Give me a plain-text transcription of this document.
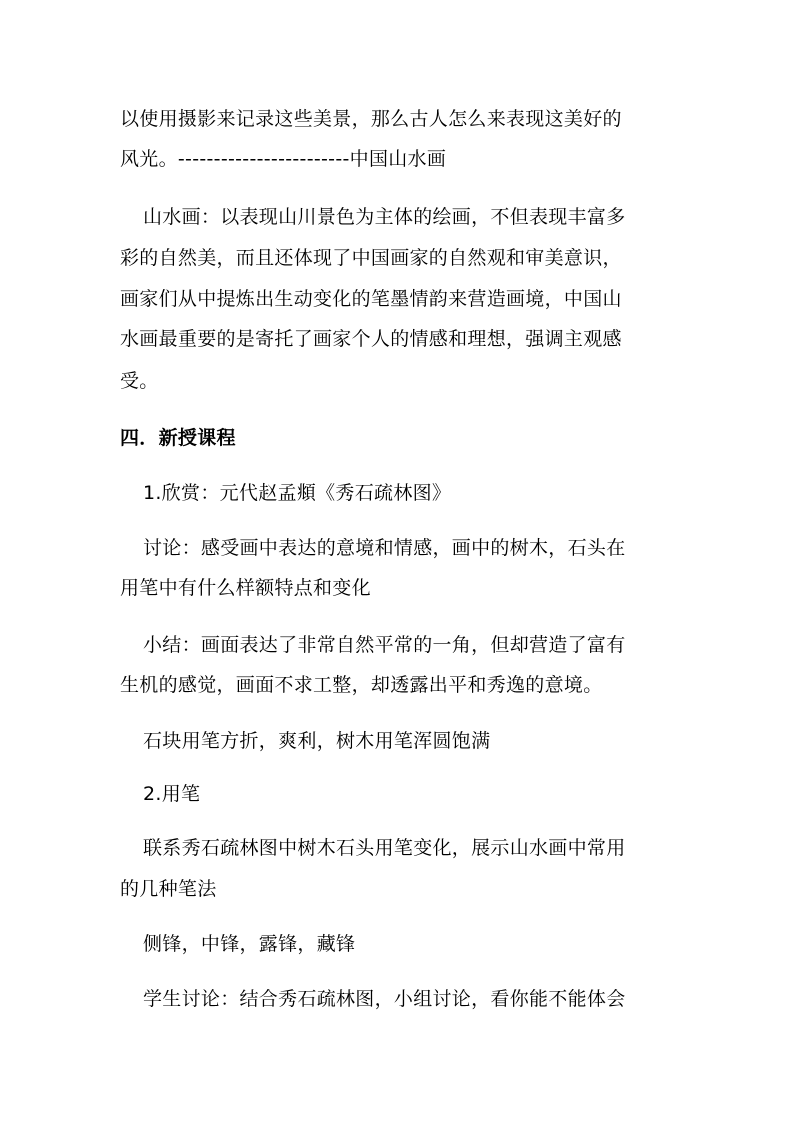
以使用摄影来记录这些美景，那么古人怎么来表现这美好的
风光。------------------------中国山水画
山水画：以表现山川景色为主体的绘画，不但表现丰富多
彩的自然美，而且还体现了中国画家的自然观和审美意识，
画家们从中提炼出生动变化的笔墨情韵来营造画境，中国山
水画最重要的是寄托了画家个人的情感和理想，强调主观感
受。
四．新授课程
1.欣赏：元代赵孟頫《秀石疏林图》
讨论：感受画中表达的意境和情感，画中的树木，石头在
用笔中有什么样额特点和变化
小结：画面表达了非常自然平常的一角，但却营造了富有
生机的感觉，画面不求工整，却透露出平和秀逸的意境。
石块用笔方折，爽利，树木用笔浑圆饱满
2.用笔
联系秀石疏林图中树木石头用笔变化，展示山水画中常用
的几种笔法
侧锋，中锋，露锋，藏锋
学生讨论：结合秀石疏林图，小组讨论，看你能不能体会
